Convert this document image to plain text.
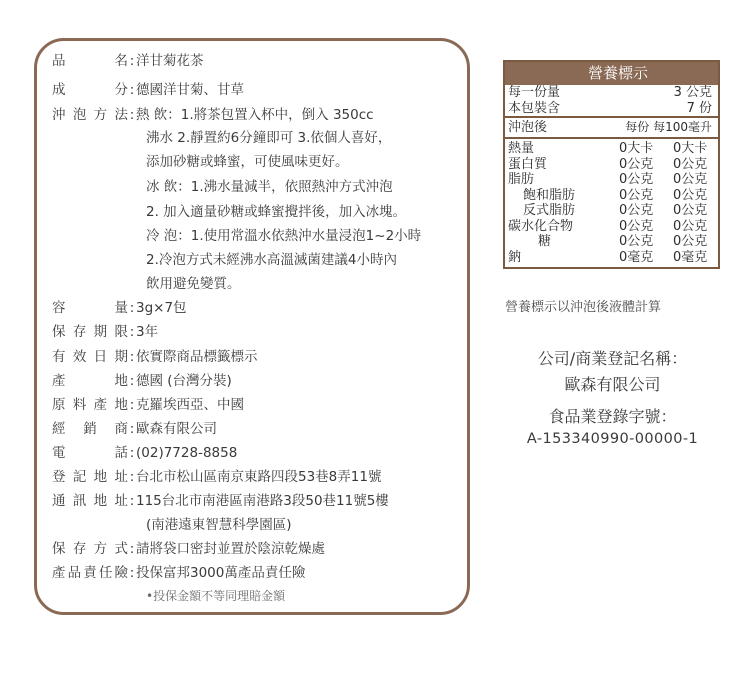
品名 : 洋甘菊花茶
成分 : 德國洋甘菊、甘草
沖泡方法 : 熱 飲：1.將茶包置入杯中，倒入 350cc
沸水 2.靜置約6分鐘即可 3.依個人喜好，
添加砂糖或蜂蜜，可使風味更好。
冰 飲：1.沸水量減半，依照熱沖方式沖泡
2. 加入適量砂糖或蜂蜜攪拌後，加入冰塊。
冷 泡：1.使用常溫水依熱沖水量浸泡1~2小時
2.冷泡方式未經沸水高溫滅菌建議4小時內
飲用避免變質。
容量 : 3g×7包
保存期限 : 3年
有效日期 : 依實際商品標籤標示
產地 : 德國 (台灣分裝)
原料產地 : 克羅埃西亞、中國
經銷商 : 歐森有限公司
電話 : (02)7728-8858
登記地址 : 台北市松山區南京東路四段53巷8弄11號
通訊地址 : 115台北市南港區南港路3段50巷11號5樓
(南港遠東智慧科學園區)
保存方式 : 請將袋口密封並置於陰涼乾燥處
產品責任險 : 投保富邦3000萬產品責任險
•投保金額不等同理賠金額
營養標示
每一份量	3 公克
本包裝含	7 份
沖泡後	每份 每100毫升
熱量	0大卡	0大卡
蛋白質	0公克	0公克
脂肪	0公克	0公克
飽和脂肪	0公克	0公克
反式脂肪	0公克	0公克
碳水化合物	0公克	0公克
糖	0公克	0公克
鈉	0毫克	0毫克
營養標示以沖泡後液體計算
公司/商業登記名稱：
歐森有限公司
食品業登錄字號：
A-153340990-00000-1
